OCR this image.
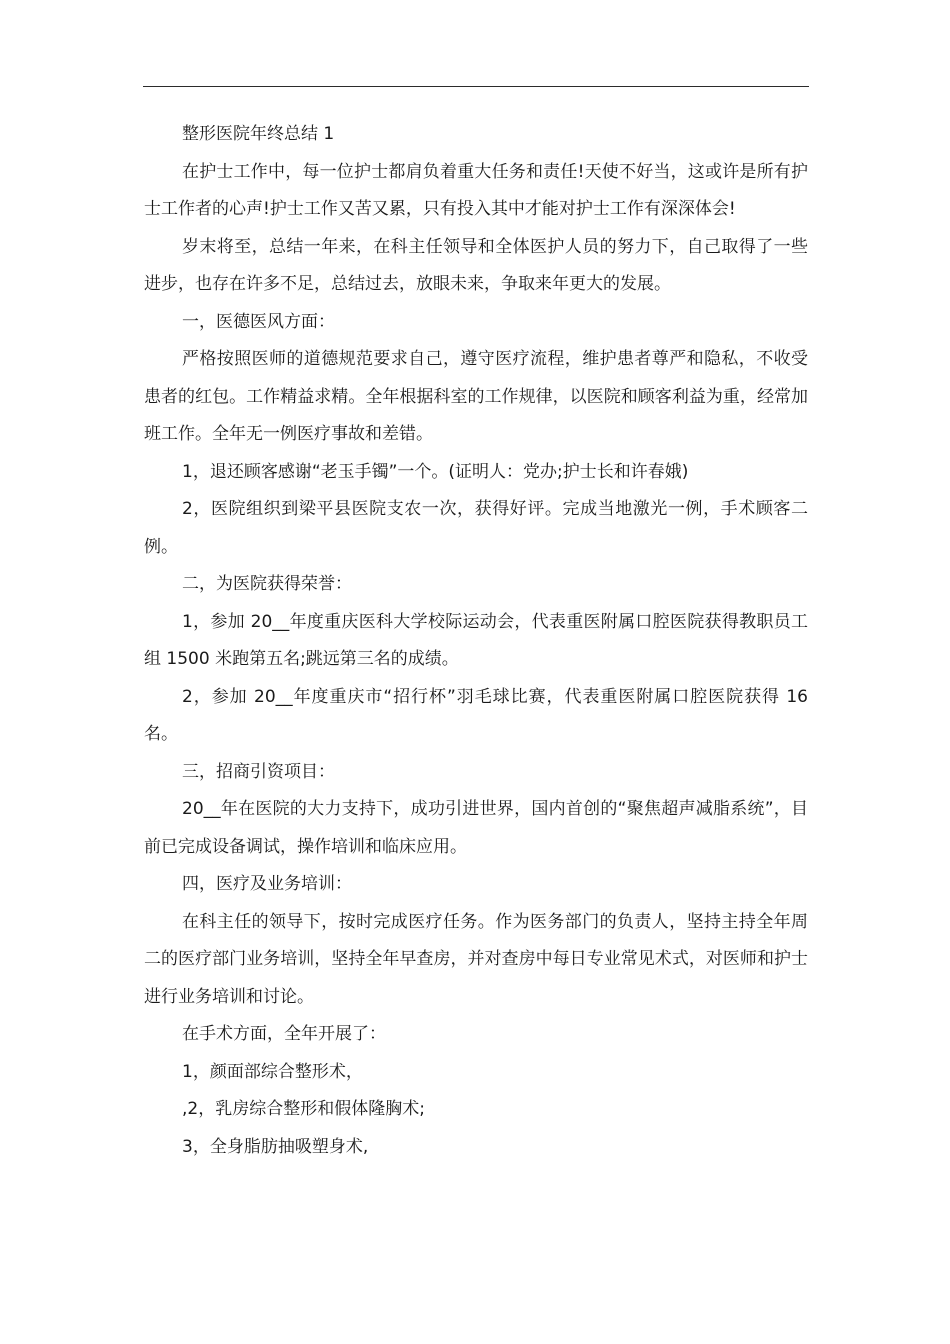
整形医院年终总结 1

在护士工作中，每一位护士都肩负着重大任务和责任!天使不好当，这或许是所有护士工作者的心声!护士工作又苦又累，只有投入其中才能对护士工作有深深体会!

岁末将至，总结一年来，在科主任领导和全体医护人员的努力下，自己取得了一些进步，也存在许多不足，总结过去，放眼未来，争取来年更大的发展。

一，医德医风方面：

严格按照医师的道德规范要求自己，遵守医疗流程，维护患者尊严和隐私，不收受患者的红包。工作精益求精。全年根据科室的工作规律，以医院和顾客利益为重，经常加班工作。全年无一例医疗事故和差错。

1，退还顾客感谢“老玉手镯”一个。(证明人：党办;护士长和许春娥)

2，医院组织到梁平县医院支农一次，获得好评。完成当地激光一例，手术顾客二例。

二，为医院获得荣誉：

1，参加 20__年度重庆医科大学校际运动会，代表重医附属口腔医院获得教职员工组 1500 米跑第五名;跳远第三名的成绩。

2，参加 20__年度重庆市“招行杯”羽毛球比赛，代表重医附属口腔医院获得 16 名。

三，招商引资项目：

20__年在医院的大力支持下，成功引进世界，国内首创的“聚焦超声减脂系统”，目前已完成设备调试，操作培训和临床应用。

四，医疗及业务培训：

在科主任的领导下，按时完成医疗任务。作为医务部门的负责人，坚持主持全年周二的医疗部门业务培训，坚持全年早查房，并对查房中每日专业常见术式，对医师和护士进行业务培训和讨论。

在手术方面，全年开展了：

1，颜面部综合整形术，

,2，乳房综合整形和假体隆胸术;

3，全身脂肪抽吸塑身术,
